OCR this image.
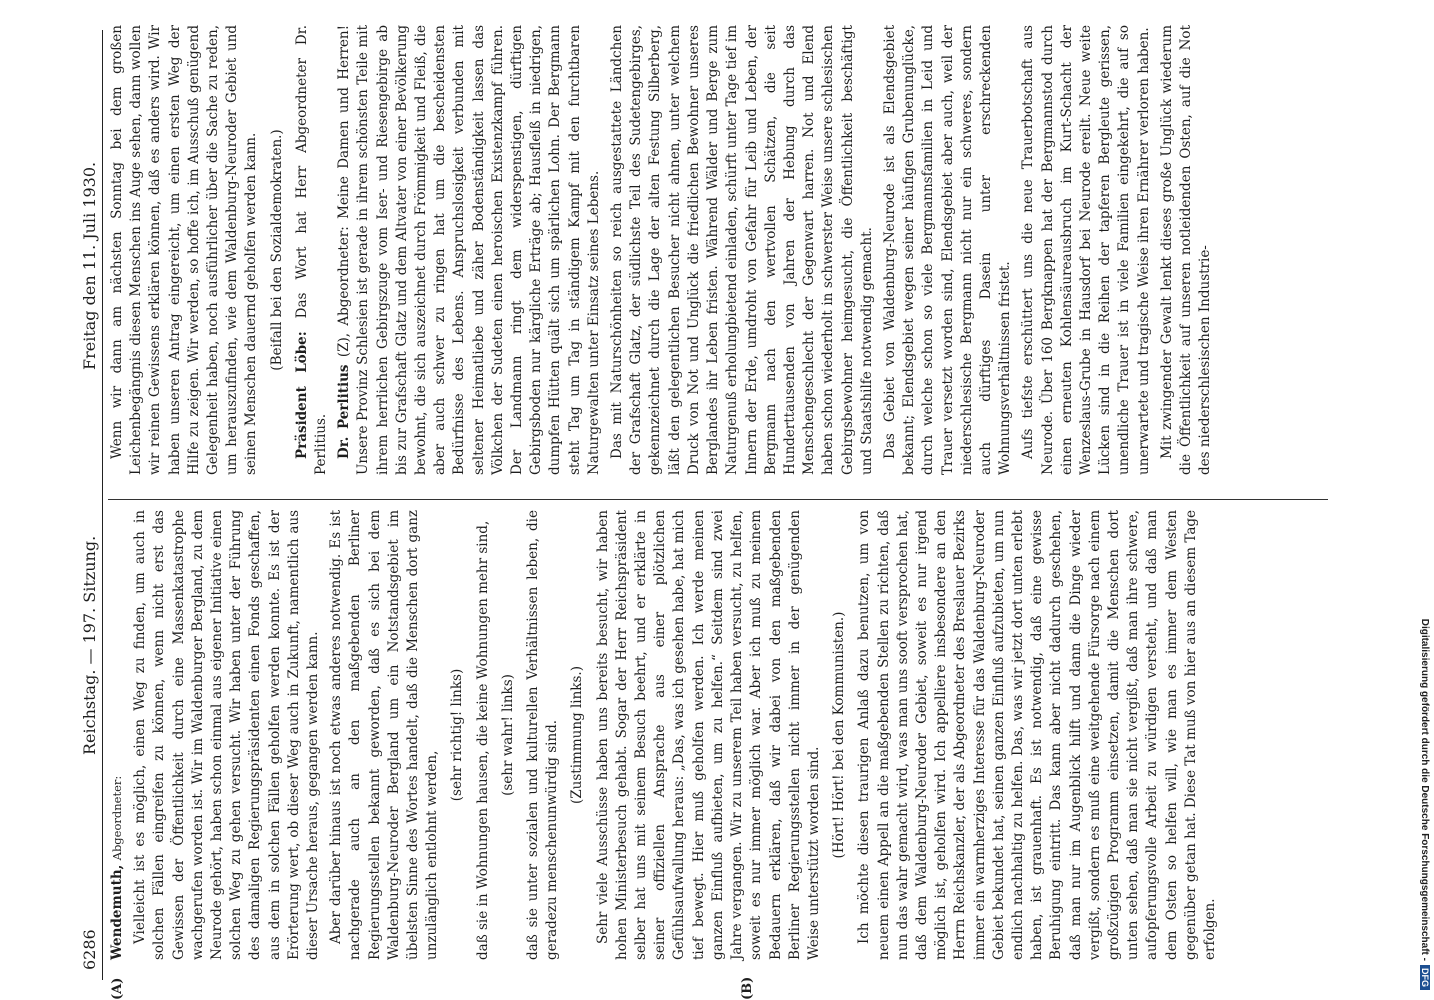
6286
Reichstag. — 197. Sitzung.
Freitag den 11. Juli 1930.
(A)	(B)

Wendemuth, Abgeordneter: Vielleicht ist es möglich, einen Weg zu finden, um auch in solchen Fällen eingreifen zu können, wenn nicht erst das Gewissen der Öffentlichkeit durch eine Massenkatastrophe wachgerufen worden ist. Wir im Waldenburger Bergland, zu dem Neurode gehört, haben schon einmal aus eigener Initiative einen solchen Weg zu gehen versucht. Wir haben unter der Führung des damaligen Regierungspräsidenten einen Fonds geschaffen, aus dem in solchen Fällen geholfen werden konnte. Es ist der Erörterung wert, ob dieser Weg auch in Zukunft, namentlich aus dieser Ursache heraus, gegangen werden kann. Aber darüber hinaus ist noch etwas anderes notwendig. Es ist nachgerade auch an den maßgebenden Berliner Regierungsstellen bekannt geworden, daß es sich bei dem Waldenburg-Neuroder Bergland um ein Notstandsgebiet im übelsten Sinne des Wortes handelt, daß die Menschen dort ganz unzulänglich entlohnt werden,

(sehr richtig! links) daß sie in Wohnungen hausen, die keine Wohnungen mehr sind, (sehr wahr! links) daß sie unter sozialen und kulturellen Verhältnissen leben, die geradezu menschenunwürdig sind. (Zustimmung links.) Sehr viele Ausschüsse haben uns bereits besucht, wir haben hohen Ministerbesuch gehabt. Sogar der Herr Reichspräsident selber hat uns mit seinem Besuch beehrt, und er erklärte in seiner offiziellen Ansprache aus einer plötzlichen Gefühlsaufwallung heraus: „Das, was ich gesehen habe, hat mich tief bewegt. Hier muß geholfen werden. Ich werde meinen ganzen Einfluß aufbieten, um zu helfen.“ Seitdem sind zwei Jahre vergangen. Wir zu unserem Teil haben versucht, zu helfen, soweit es nur immer möglich war. Aber ich muß zu meinem Bedauern erklären, daß wir dabei von den maßgebenden Berliner Regierungsstellen nicht immer in der genügenden Weise unterstützt worden sind. (Hört! Hört! bei den Kommunisten.) Ich möchte diesen traurigen Anlaß dazu benutzen, um von neuem einen Appell an die maßgebenden Stellen zu richten, daß nun das wahr gemacht wird, was man uns sooft versprochen hat, daß dem Waldenburg-Neuroder Gebiet, soweit es nur irgend möglich ist, geholfen wird. Ich appelliere insbesondere an den Herrn Reichskanzler, der als Abgeordneter des Breslauer Bezirks immer ein warmherziges Interesse für das Waldenburg-Neuroder Gebiet bekundet hat, seinen ganzen Einfluß aufzubieten, um nun endlich nachhaltig zu helfen. Das, was wir jetzt dort unten erlebt haben, ist grauenhaft. Es ist notwendig, daß eine gewisse Beruhigung eintritt. Das kann aber nicht dadurch geschehen, daß man nur im Augenblick hilft und dann die Dinge wieder vergißt, sondern es muß eine weitgehende Fürsorge nach einem großzügigen Programm einsetzen, damit die Menschen dort unten sehen, daß man sie nicht vergißt, daß man ihre schwere, aufopferungsvolle Arbeit zu würdigen versteht, und daß man dem Osten so helfen will, wie man es immer dem Westen gegenüber getan hat. Diese Tat muß von hier aus an diesem Tage erfolgen.

Wenn wir dann am nächsten Sonntag bei dem großen Leichenbegängnis diesen Menschen ins Auge sehen, dann wollen wir reinen Gewissens erklären können, daß es anders wird. Wir haben unseren Antrag eingereicht, um einen ersten Weg der Hilfe zu zeigen. Wir werden, so hoffe ich, im Ausschuß genügend Gelegenheit haben, noch ausführlicher über die Sache zu reden, um herauszufinden, wie dem Waldenburg-Neuroder Gebiet und seinen Menschen dauernd geholfen werden kann. (Beifall bei den Sozialdemokraten.)

Präsident Löbe: Das Wort hat Herr Abgeordneter Dr. Perlitius. Dr. Perlitius (Z), Abgeordneter: Meine Damen und Herren! Unsere Provinz Schlesien ist gerade in ihrem schönsten Teile mit ihrem herrlichen Gebirgszuge vom Iser- und Riesengebirge ab bis zur Grafschaft Glatz und dem Altvater von einer Bevölkerung bewohnt, die sich auszeichnet durch Frömmigkeit und Fleiß, die aber auch schwer zu ringen hat um die bescheidensten Bedürfnisse des Lebens. Anspruchslosigkeit verbunden mit seltener Heimatliebe und zäher Bodenständigkeit lassen das Völkchen der Sudeten einen heroischen Existenzkampf führen. Der Landmann ringt dem widerspenstigen, dürftigen Gebirgsboden nur kärgliche Erträge ab; Hausfleiß in niedrigen, dumpfen Hütten quält sich um spärlichen Lohn. Der Bergmann steht Tag um Tag in ständigem Kampf mit den furchtbaren Naturgewalten unter Einsatz seines Lebens. Das mit Naturschönheiten so reich ausgestattete Ländchen der Grafschaft Glatz, der südlichste Teil des Sudetengebirges, gekennzeichnet durch die Lage der alten Festung Silberberg, läßt den gelegentlichen Besucher nicht ahnen, unter welchem Druck von Not und Unglück die friedlichen Bewohner unseres Berglandes ihr Leben fristen. Während Wälder und Berge zum Naturgenuß erholungbietend einladen, schürft unter Tage tief im Innern der Erde, umdroht von Gefahr für Leib und Leben, der Bergmann nach den wertvollen Schätzen, die seit Hunderttausenden von Jahren der Hebung durch das Menschengeschlecht der Gegenwart harren. Not und Elend haben schon wiederholt in schwerster Weise unsere schlesischen Gebirgsbewohner heimgesucht, die Öffentlichkeit beschäftigt und Staatshilfe notwendig gemacht. Das Gebiet von Waldenburg-Neurode ist als Elendsgebiet bekannt; Elendsgebiet wegen seiner häufigen Grubenunglücke, durch welche schon so viele Bergmannsfamilien in Leid und Trauer versetzt worden sind, Elendsgebiet aber auch, weil der niederschlesische Bergmann nicht nur ein schweres, sondern auch dürftiges Dasein unter erschreckenden Wohnungsverhältnissen fristet. Aufs tiefste erschüttert uns die neue Trauerbotschaft aus Neurode. Über 160 Bergknappen hat der Bergmannstod durch einen erneuten Kohlensäureausbruch im Kurt-Schacht der Wenzeslaus-Grube in Hausdorf bei Neurode ereilt. Neue weite Lücken sind in die Reihen der tapferen Bergleute gerissen, unendliche Trauer ist in viele Familien eingekehrt, die auf so unerwartete und tragische Weise ihren Ernährer verloren haben. Mit zwingender Gewalt lenkt dieses große Unglück wiederum die Öffentlichkeit auf unseren notleidenden Osten, auf die Not des niederschlesischen Industrie-

Digitalisierung gefördert durch die Deutsche Forschungsgemeinschaft -DFG
